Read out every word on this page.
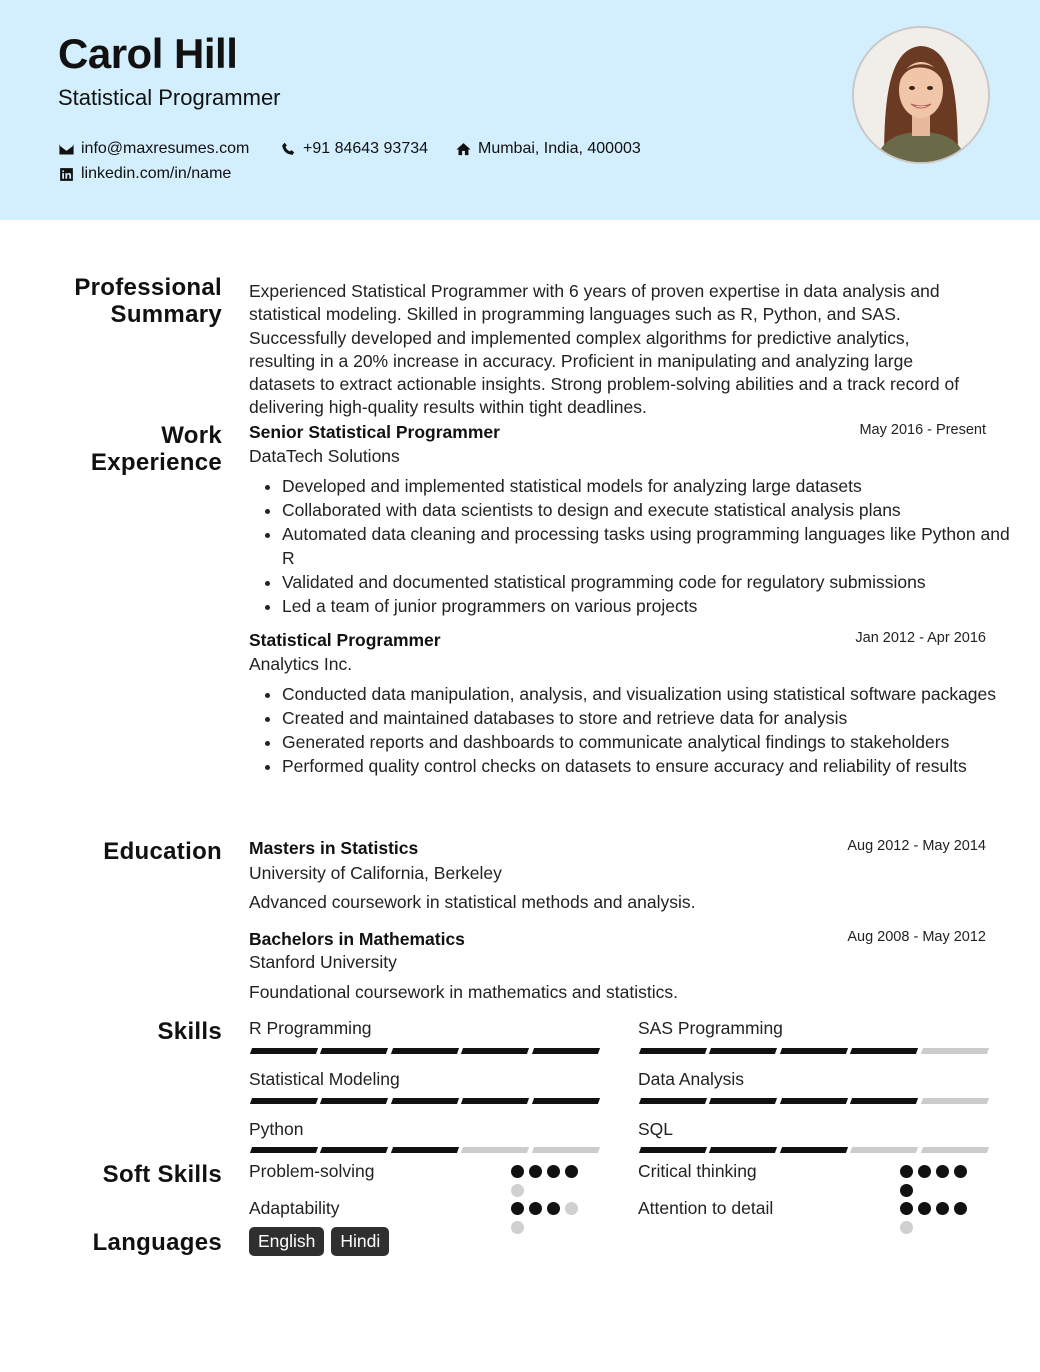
Carol Hill
Statistical Programmer
info@maxresumes.com	+91 84643 93734	Mumbai, India, 400003
linkedin.com/in/name
Professional Summary
Experienced Statistical Programmer with 6 years of proven expertise in data analysis and statistical modeling. Skilled in programming languages such as R, Python, and SAS. Successfully developed and implemented complex algorithms for predictive analytics, resulting in a 20% increase in accuracy. Proficient in manipulating and analyzing large datasets to extract actionable insights. Strong problem-solving abilities and a track record of delivering high-quality results within tight deadlines.
Work Experience
Senior Statistical Programmer	May 2016 - Present
DataTech Solutions
• Developed and implemented statistical models for analyzing large datasets
• Collaborated with data scientists to design and execute statistical analysis plans
• Automated data cleaning and processing tasks using programming languages like Python and R
• Validated and documented statistical programming code for regulatory submissions
• Led a team of junior programmers on various projects
Statistical Programmer	Jan 2012 - Apr 2016
Analytics Inc.
• Conducted data manipulation, analysis, and visualization using statistical software packages
• Created and maintained databases to store and retrieve data for analysis
• Generated reports and dashboards to communicate analytical findings to stakeholders
• Performed quality control checks on datasets to ensure accuracy and reliability of results
Education Masters in Statistics	Aug 2012 - May 2014
University of California, Berkeley
Advanced coursework in statistical methods and analysis.
Bachelors in Mathematics	Aug 2008 - May 2012
Stanford University
Foundational coursework in mathematics and statistics.
Skills R Programming	SAS Programming
Statistical Modeling	Data Analysis
Python	SQL
Soft Skills Problem-solving	Critical thinking
Adaptability	Attention to detail
Languages	English	Hindi
